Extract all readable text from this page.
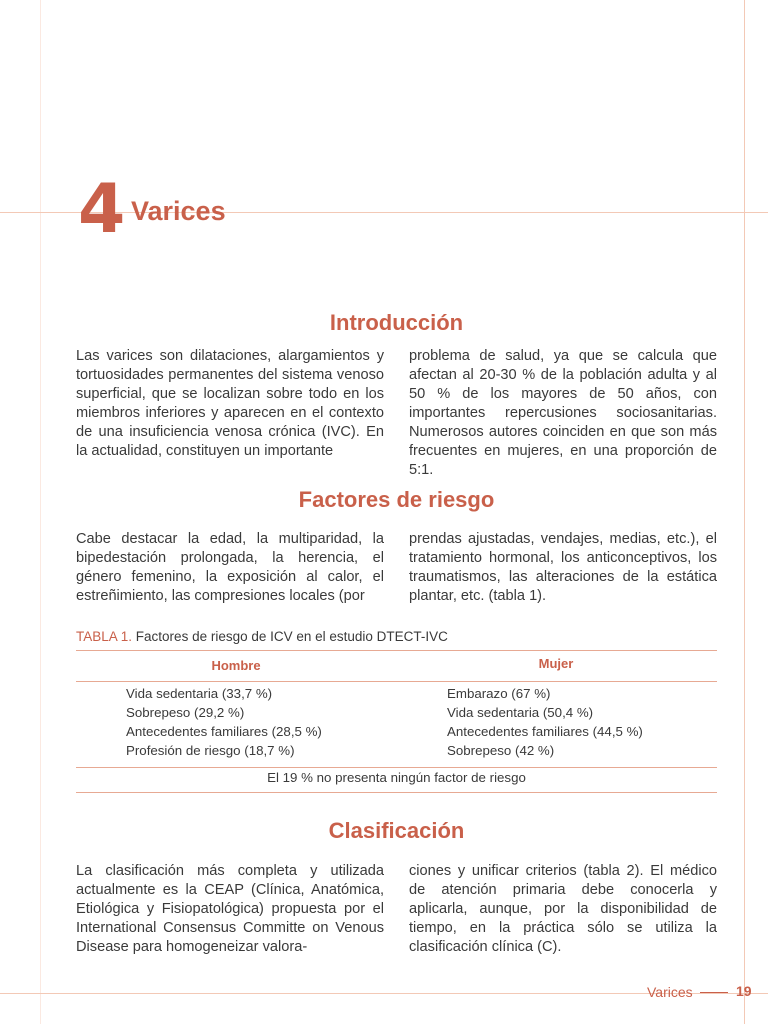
4 Varices
Introducción
Las varices son dilataciones, alargamientos y tortuosidades permanentes del sistema venoso superficial, que se localizan sobre todo en los miembros inferiores y aparecen en el contexto de una insuficiencia venosa crónica (IVC). En la actualidad, constituyen un importante
problema de salud, ya que se calcula que afectan al 20-30 % de la población adulta y al 50 % de los mayores de 50 años, con importantes repercusiones sociosanitarias. Numerosos autores coinciden en que son más frecuentes en mujeres, en una proporción de 5:1.
Factores de riesgo
Cabe destacar la edad, la multiparidad, la bipedestación prolongada, la herencia, el género femenino, la exposición al calor, el estreñimiento, las compresiones locales (por
prendas ajustadas, vendajes, medias, etc.), el tratamiento hormonal, los anticonceptivos, los traumatismos, las alteraciones de la estática plantar, etc. (tabla 1).
TABLA 1. Factores de riesgo de ICV en el estudio DTECT-IVC
Hombre	Mujer
Vida sedentaria (33,7 %)
Sobrepeso (29,2 %)
Antecedentes familiares (28,5 %)
Profesión de riesgo (18,7 %)
Embarazo (67 %)
Vida sedentaria (50,4 %)
Antecedentes familiares (44,5 %)
Sobrepeso (42 %)
El 19 % no presenta ningún factor de riesgo
Clasificación
La clasificación más completa y utilizada actualmente es la CEAP (Clínica, Anatómica, Etiológica y Fisiopatológica) propuesta por el International Consensus Committe on Venous Disease para homogeneizar valora-
ciones y unificar criterios (tabla 2). El médico de atención primaria debe conocerla y aplicarla, aunque, por la disponibilidad de tiempo, en la práctica sólo se utiliza la clasificación clínica (C).
Varices	19
